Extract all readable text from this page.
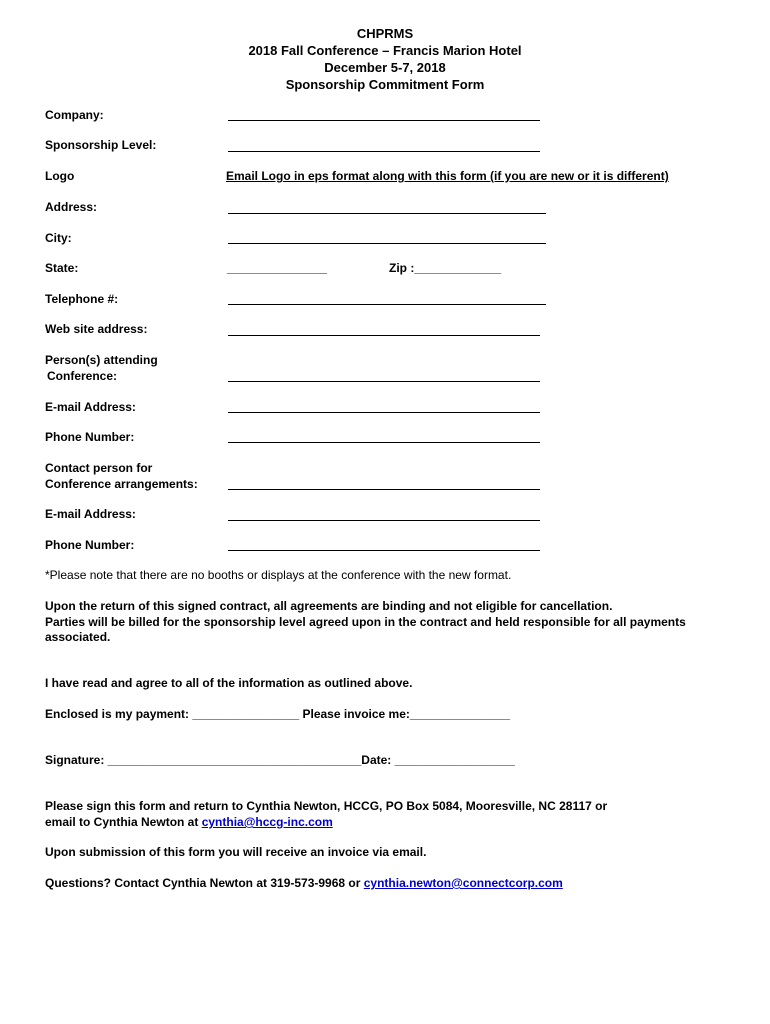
CHPRMS
2018 Fall Conference – Francis Marion Hotel
December 5-7, 2018
Sponsorship Commitment Form
Company:
Sponsorship Level:
Logo	Email Logo in eps format along with this form (if you are new or it is different)
Address:
City:
State:	_______________	Zip :_____________
Telephone #:
Web site address:
Person(s) attending
Conference:
E-mail Address:
Phone Number:
Contact person for
Conference arrangements:
E-mail Address:
Phone Number:
*Please note that there are no booths or displays at the conference with the new format.
Upon the return of this signed contract, all agreements are binding and not eligible for cancellation.
Parties will be billed for the sponsorship level agreed upon in the contract and held responsible for all payments
associated.
I have read and agree to all of the information as outlined above.
Enclosed is my payment: ________________ Please invoice me:_______________
Signature: ______________________________________Date: __________________
Please sign this form and return to Cynthia Newton, HCCG, PO Box 5084, Mooresville, NC 28117 or
email to Cynthia Newton at cynthia@hccg-inc.com
Upon submission of this form you will receive an invoice via email.
Questions? Contact Cynthia Newton at 319-573-9968 or cynthia.newton@connectcorp.com
